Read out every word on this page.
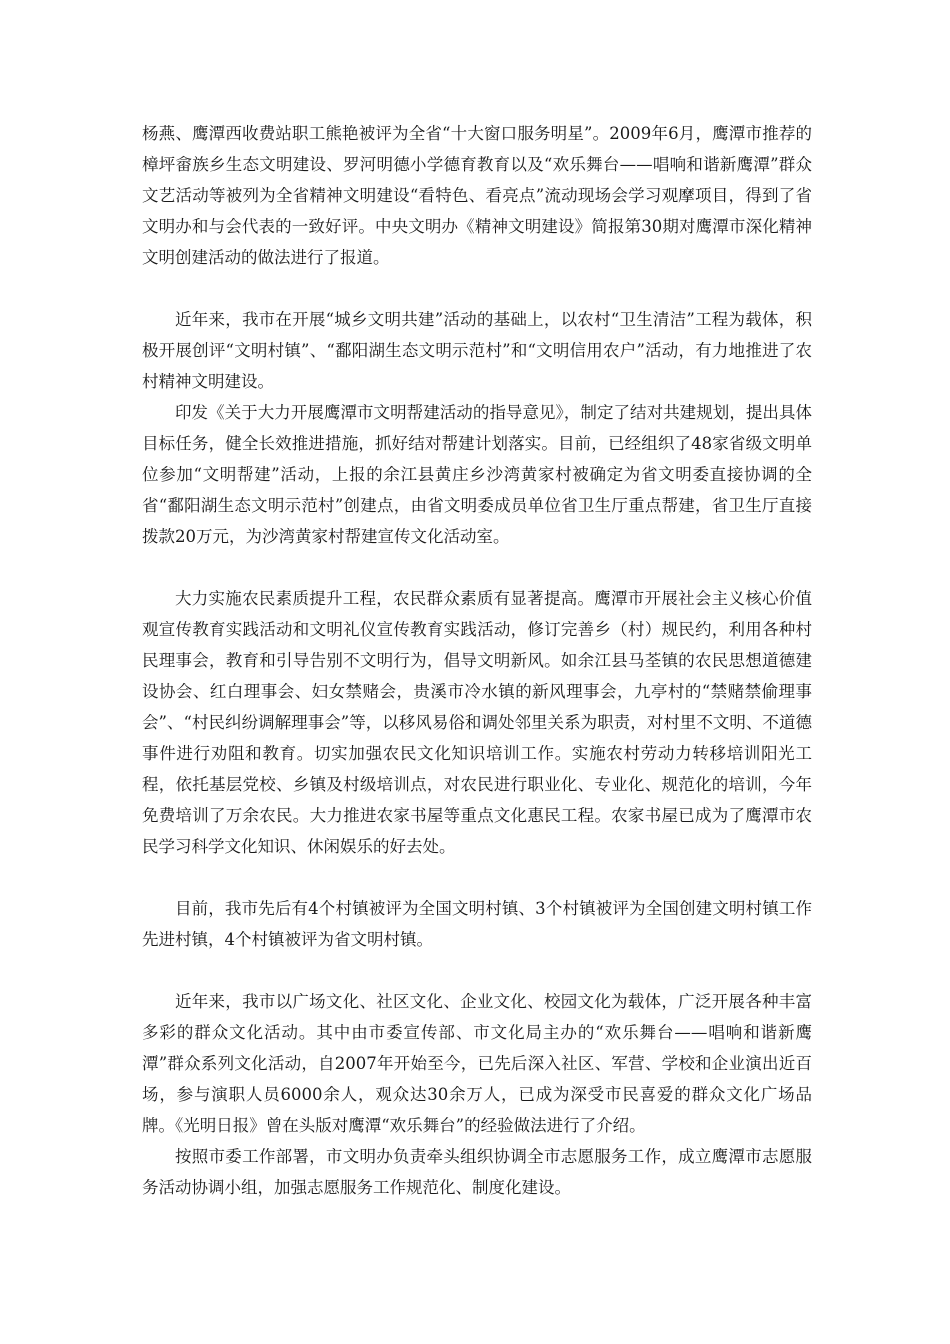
杨燕、鹰潭西收费站职工熊艳被评为全省“十大窗口服务明星”。2009年6月，鹰潭市推荐的樟坪畲族乡生态文明建设、罗河明德小学德育教育以及“欢乐舞台——唱响和谐新鹰潭”群众文艺活动等被列为全省精神文明建设“看特色、看亮点”流动现场会学习观摩项目，得到了省文明办和与会代表的一致好评。中央文明办《精神文明建设》简报第30期对鹰潭市深化精神文明创建活动的做法进行了报道。

近年来，我市在开展“城乡文明共建”活动的基础上，以农村“卫生清洁”工程为载体，积极开展创评“文明村镇”、“鄱阳湖生态文明示范村”和“文明信用农户”活动，有力地推进了农村精神文明建设。

印发《关于大力开展鹰潭市文明帮建活动的指导意见》，制定了结对共建规划，提出具体目标任务，健全长效推进措施，抓好结对帮建计划落实。目前，已经组织了48家省级文明单位参加“文明帮建”活动，上报的余江县黄庄乡沙湾黄家村被确定为省文明委直接协调的全省“鄱阳湖生态文明示范村”创建点，由省文明委成员单位省卫生厅重点帮建，省卫生厅直接拨款20万元，为沙湾黄家村帮建宣传文化活动室。

大力实施农民素质提升工程，农民群众素质有显著提高。鹰潭市开展社会主义核心价值观宣传教育实践活动和文明礼仪宣传教育实践活动，修订完善乡（村）规民约，利用各种村民理事会，教育和引导告别不文明行为，倡导文明新风。如余江县马荃镇的农民思想道德建设协会、红白理事会、妇女禁赌会，贵溪市冷水镇的新风理事会，九亭村的“禁赌禁偷理事会”、“村民纠纷调解理事会”等，以移风易俗和调处邻里关系为职责，对村里不文明、不道德事件进行劝阻和教育。切实加强农民文化知识培训工作。实施农村劳动力转移培训阳光工程，依托基层党校、乡镇及村级培训点，对农民进行职业化、专业化、规范化的培训，今年免费培训了万余农民。大力推进农家书屋等重点文化惠民工程。农家书屋已成为了鹰潭市农民学习科学文化知识、休闲娱乐的好去处。

目前，我市先后有4个村镇被评为全国文明村镇、3个村镇被评为全国创建文明村镇工作先进村镇，4个村镇被评为省文明村镇。

近年来，我市以广场文化、社区文化、企业文化、校园文化为载体，广泛开展各种丰富多彩的群众文化活动。其中由市委宣传部、市文化局主办的“欢乐舞台——唱响和谐新鹰潭”群众系列文化活动，自2007年开始至今，已先后深入社区、军营、学校和企业演出近百场，参与演职人员6000余人，观众达30余万人，已成为深受市民喜爱的群众文化广场品牌。《光明日报》曾在头版对鹰潭“欢乐舞台”的经验做法进行了介绍。

按照市委工作部署，市文明办负责牵头组织协调全市志愿服务工作，成立鹰潭市志愿服务活动协调小组，加强志愿服务工作规范化、制度化建设。
